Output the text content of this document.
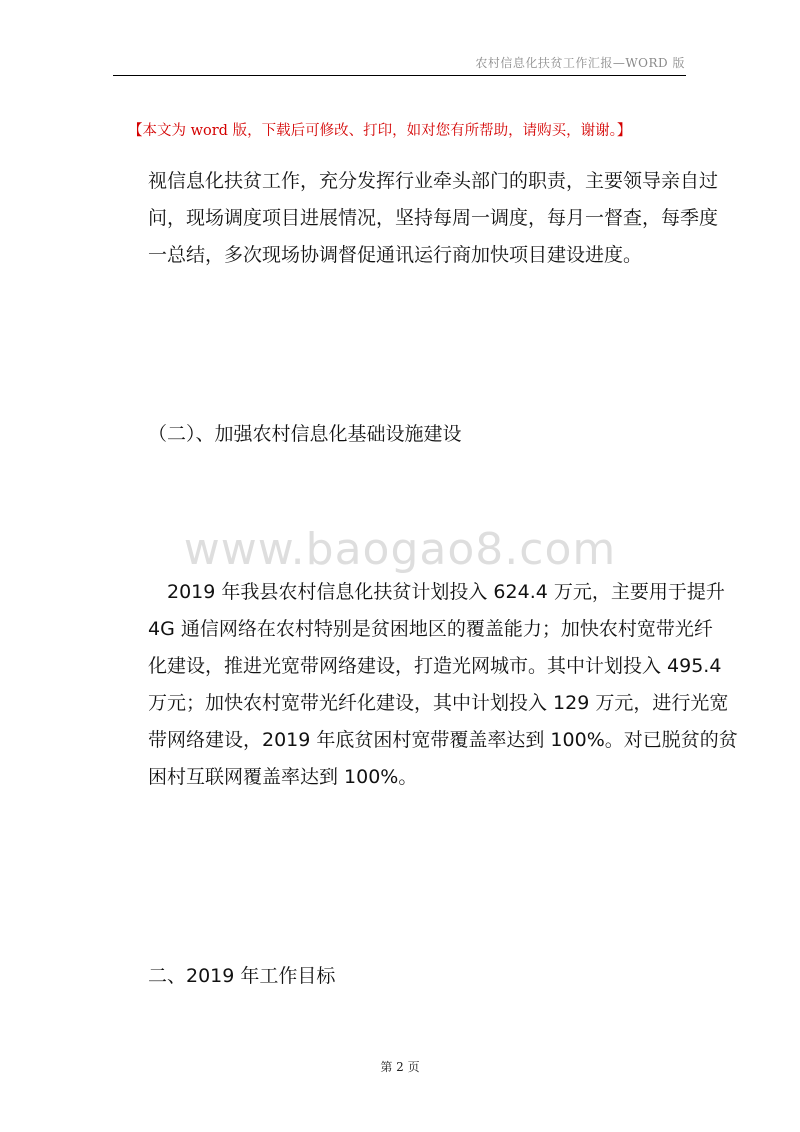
农村信息化扶贫工作汇报—WORD 版
【本文为 word 版，下载后可修改、打印，如对您有所帮助，请购买，谢谢。】
视信息化扶贫工作，充分发挥行业牵头部门的职责，主要领导亲自过
问，现场调度项目进展情况，坚持每周一调度，每月一督查，每季度
一总结，多次现场协调督促通讯运行商加快项目建设进度。
（二）、加强农村信息化基础设施建设
www.baogao8.com
　2019 年我县农村信息化扶贫计划投入 624.4 万元，主要用于提升
4G 通信网络在农村特别是贫困地区的覆盖能力；加快农村宽带光纤
化建设，推进光宽带网络建设，打造光网城市。其中计划投入 495.4
万元；加快农村宽带光纤化建设，其中计划投入 129 万元，进行光宽
带网络建设，2019 年底贫困村宽带覆盖率达到 100%。对已脱贫的贫
困村互联网覆盖率达到 100%。
二、2019 年工作目标
第 2 页
